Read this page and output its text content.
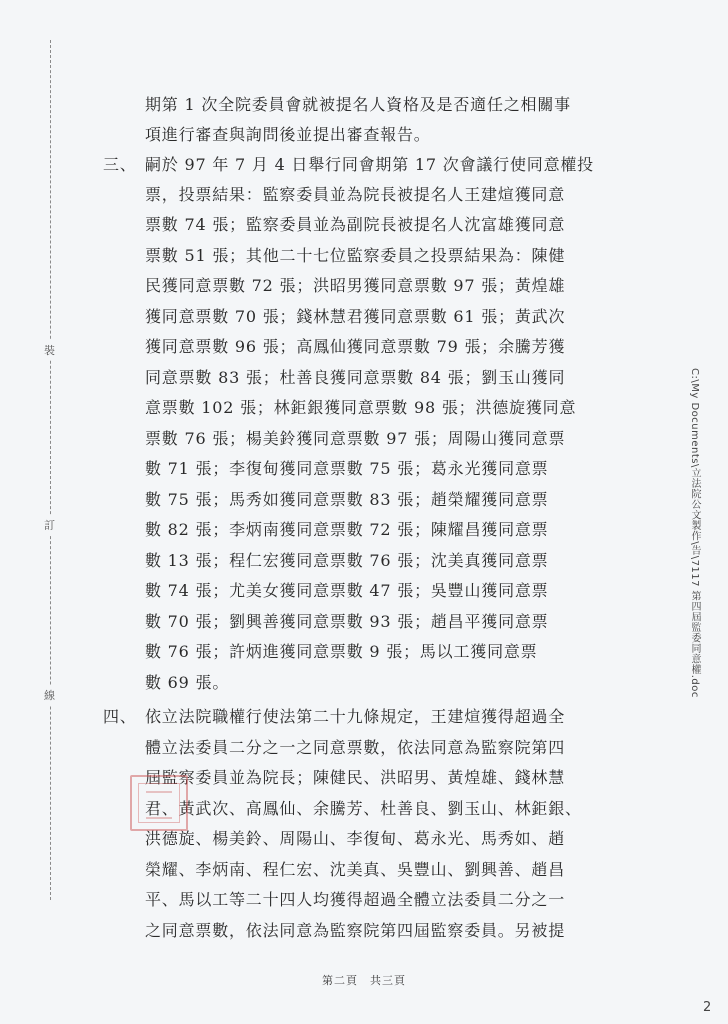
裝
訂
線	C:\My Documents\立法院公文製作\告\7117 第四屆監委同意權.doc
期第 1 次全院委員會就被提名人資格及是否適任之相關事
項進行審查與詢問後並提出審查報告。
三、 嗣於 97 年 7 月 4 日舉行同會期第 17 次會議行使同意權投
票，投票結果：監察委員並為院長被提名人王建煊獲同意
票數 74 張；監察委員並為副院長被提名人沈富雄獲同意
票數 51 張；其他二十七位監察委員之投票結果為：陳健
民獲同意票數 72 張；洪昭男獲同意票數 97 張；黃煌雄
獲同意票數 70 張；錢林慧君獲同意票數 61 張；黃武次
獲同意票數 96 張；高鳳仙獲同意票數 79 張；余騰芳獲
同意票數 83 張；杜善良獲同意票數 84 張；劉玉山獲同
意票數 102 張；林鉅銀獲同意票數 98 張；洪德旋獲同意
票數 76 張；楊美鈴獲同意票數 97 張；周陽山獲同意票
數 71 張；李復甸獲同意票數 75 張；葛永光獲同意票
數 75 張；馬秀如獲同意票數 83 張；趙榮耀獲同意票
數 82 張；李炳南獲同意票數 72 張；陳耀昌獲同意票
數 13 張；程仁宏獲同意票數 76 張；沈美真獲同意票
數 74 張；尤美女獲同意票數 47 張；吳豐山獲同意票
數 70 張；劉興善獲同意票數 93 張；趙昌平獲同意票
數 76 張；許炳進獲同意票數 9 張；馬以工獲同意票
數 69 張。
四、 依立法院職權行使法第二十九條規定，王建煊獲得超過全
體立法委員二分之一之同意票數，依法同意為監察院第四
屆監察委員並為院長；陳健民、洪昭男、黃煌雄、錢林慧
君、黃武次、高鳳仙、余騰芳、杜善良、劉玉山、林鉅銀、
洪德旋、楊美鈴、周陽山、李復甸、葛永光、馬秀如、趙
榮耀、李炳南、程仁宏、沈美真、吳豐山、劉興善、趙昌
平、馬以工等二十四人均獲得超過全體立法委員二分之一
之同意票數，依法同意為監察院第四屆監察委員。另被提
第二頁　共三頁
2
